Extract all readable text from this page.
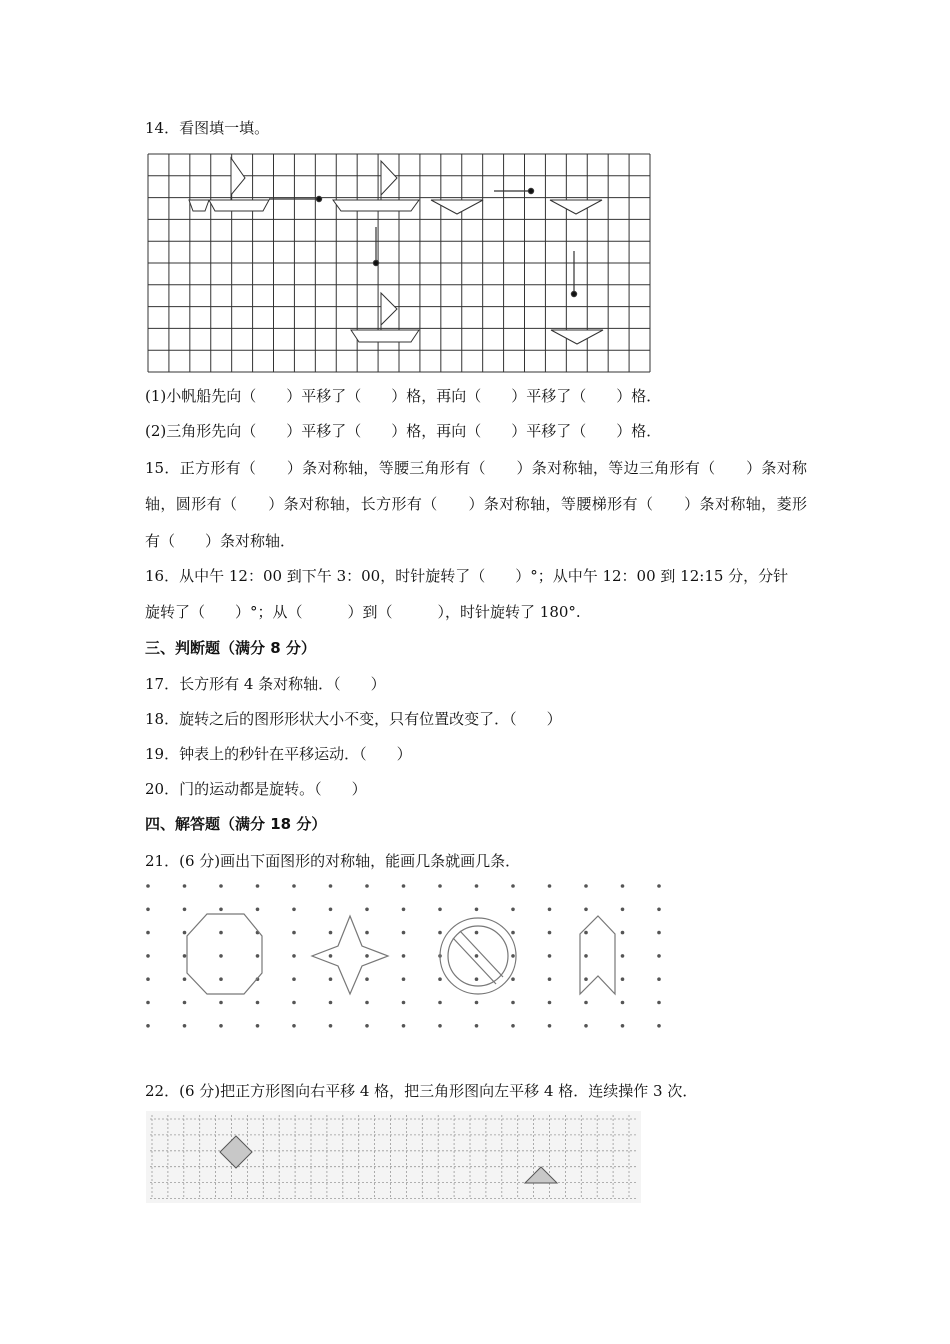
14．看图填一填。
(1)小帆船先向（　　）平移了（　　）格，再向（　　）平移了（　　）格．
(2)三角形先向（　　）平移了（　　）格，再向（　　）平移了（　　）格．
15．正方形有（　　）条对称轴，等腰三角形有（　　）条对称轴，等边三角形有（　　）条对称
轴，圆形有（　　）条对称轴，长方形有（　　）条对称轴，等腰梯形有（　　）条对称轴，菱形
有（　　）条对称轴．
16．从中午 12：00 到下午 3：00，时针旋转了（　　）°；从中午 12：00 到 12:15 分，分针
旋转了（　　）°；从（　　　）到（　　　），时针旋转了 180°.
三、判断题（满分 8 分）
17．长方形有 4 条对称轴．（　　）
18．旋转之后的图形形状大小不变，只有位置改变了．（　　）
19．钟表上的秒针在平移运动．（　　）
20．门的运动都是旋转。（　　）
四、解答题（满分 18 分）
21．(6 分)画出下面图形的对称轴，能画几条就画几条．
22．(6 分)把正方形图向右平移 4 格，把三角形图向左平移 4 格．连续操作 3 次．
